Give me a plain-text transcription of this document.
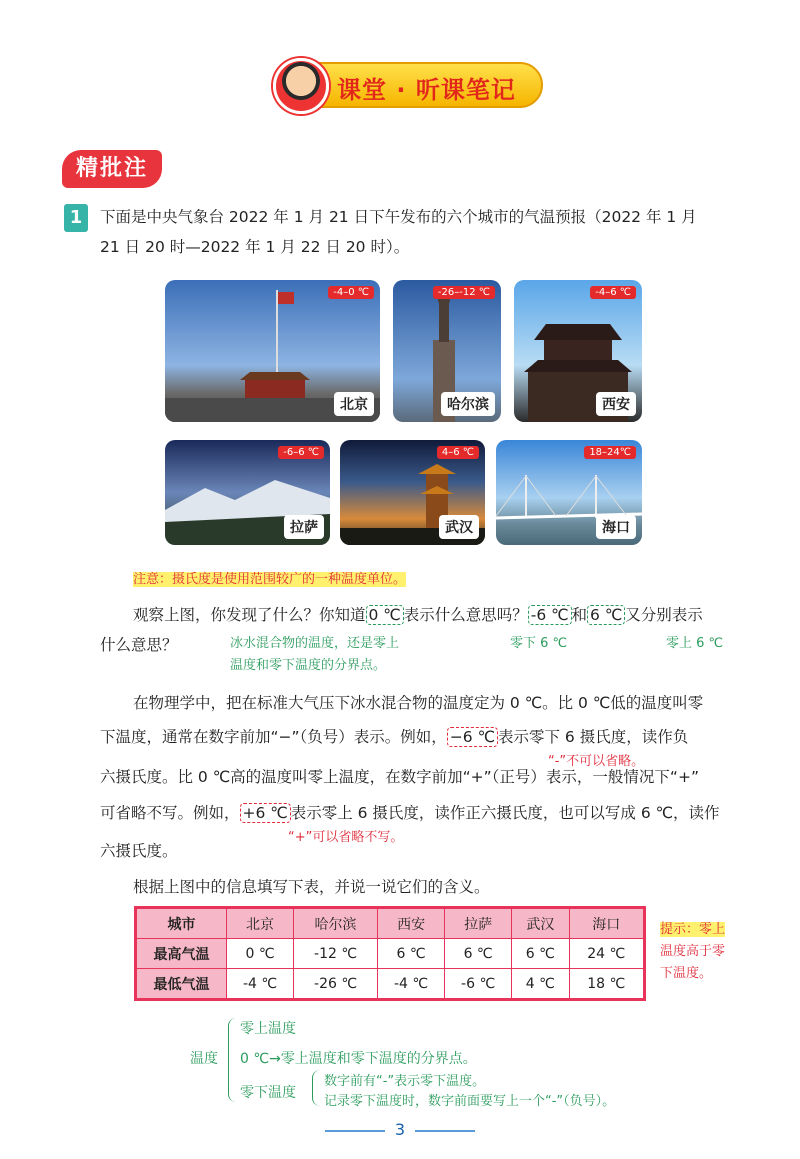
课堂 · 听课笔记
精批注
1	下面是中央气象台 2022 年 1 月 21 日下午发布的六个城市的气温预报（2022 年 1 月
21 日 20 时—2022 年 1 月 22 日 20 时）。
-4–0 ℃
北京
-26–-12 ℃
哈尔滨
-4–6 ℃
西安
-6–6 ℃
拉萨
4–6 ℃
武汉
18–24℃
海口
注意：摄氏度是使用范围较广的一种温度单位。
观察上图，你发现了什么？你知道 0 ℃ 表示什么意思吗？ -6 ℃ 和 6 ℃ 又分别表示
什么意思？	冰水混合物的温度，还是零上
温度和零下温度的分界点。
零下 6 ℃	零上 6 ℃
在物理学中，把在标准大气压下冰水混合物的温度定为 0 ℃。比 0 ℃低的温度叫零
下温度，通常在数字前加“−”（负号）表示。例如， −6 ℃ 表示零下 6 摄氏度，读作负
“-”不可以省略。
六摄氏度。比 0 ℃高的温度叫零上温度，在数字前加“+”（正号）表示，一般情况下“+”
可省略不写。例如， +6 ℃ 表示零上 6 摄氏度，读作正六摄氏度，也可以写成 6 ℃，读作
“+”可以省略不写。
六摄氏度。
根据上图中的信息填写下表，并说一说它们的含义。
城市	北京	哈尔滨	西安	拉萨	武汉	海口
最高气温	0 ℃	-12 ℃	6 ℃	6 ℃	6 ℃	24 ℃
最低气温	-4 ℃	-26 ℃	-4 ℃	-6 ℃	4 ℃	18 ℃
提示：零上
温度高于零
下温度。
温度
零上温度
0 ℃→零上温度和零下温度的分界点。
零下温度
数字前有“-”表示零下温度。
记录零下温度时，数字前面要写上一个“-”（负号）。
3
